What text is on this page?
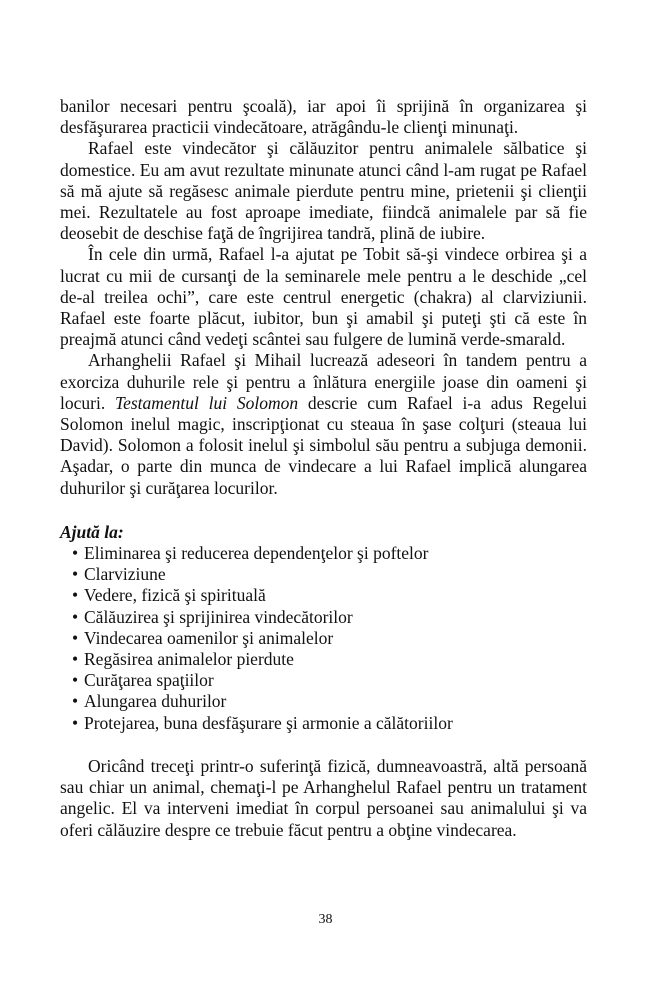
banilor necesari pentru şcoală), iar apoi îi sprijină în organizarea şi desfăşurarea practicii vindecătoare, atrăgându-le clienţi minunaţi.

Rafael este vindecător şi călăuzitor pentru animalele sălbatice şi domestice. Eu am avut rezultate minunate atunci când l-am rugat pe Rafael să mă ajute să regăsesc animale pierdute pentru mine, prietenii şi clienţii mei. Rezultatele au fost aproape imediate, fiindcă animalele par să fie deosebit de deschise faţă de îngrijirea tandră, plină de iubire.

În cele din urmă, Rafael l-a ajutat pe Tobit să-şi vindece orbirea şi a lucrat cu mii de cursanţi de la seminarele mele pentru a le deschide „cel de-al treilea ochi”, care este centrul energetic (chakra) al clarviziunii. Rafael este foarte plăcut, iubitor, bun şi amabil şi puteţi şti că este în preajmă atunci când vedeţi scântei sau fulgere de lumină verde-smarald.

Arhanghelii Rafael şi Mihail lucrează adeseori în tandem pentru a exorciza duhurile rele şi pentru a înlătura energiile joase din oameni şi locuri. Testamentul lui Solomon descrie cum Rafael i-a adus Regelui Solomon inelul magic, inscripţionat cu steaua în şase colţuri (steaua lui David). Solomon a folosit inelul şi simbolul său pentru a subjuga demonii. Aşadar, o parte din munca de vindecare a lui Rafael implică alungarea duhurilor şi curăţarea locurilor.

Ajută la:

• Eliminarea şi reducerea dependenţelor şi poftelor
• Clarviziune
• Vedere, fizică şi spirituală
• Călăuzirea şi sprijinirea vindecătorilor
• Vindecarea oamenilor şi animalelor
• Regăsirea animalelor pierdute
• Curăţarea spaţiilor
• Alungarea duhurilor
• Protejarea, buna desfăşurare şi armonie a călătoriilor

Oricând treceţi printr-o suferinţă fizică, dumneavoastră, altă persoană sau chiar un animal, chemaţi-l pe Arhanghelul Rafael pentru un tratament angelic. El va interveni imediat în corpul persoanei sau animalului şi va oferi călăuzire despre ce trebuie făcut pentru a obţine vindecarea.

38
